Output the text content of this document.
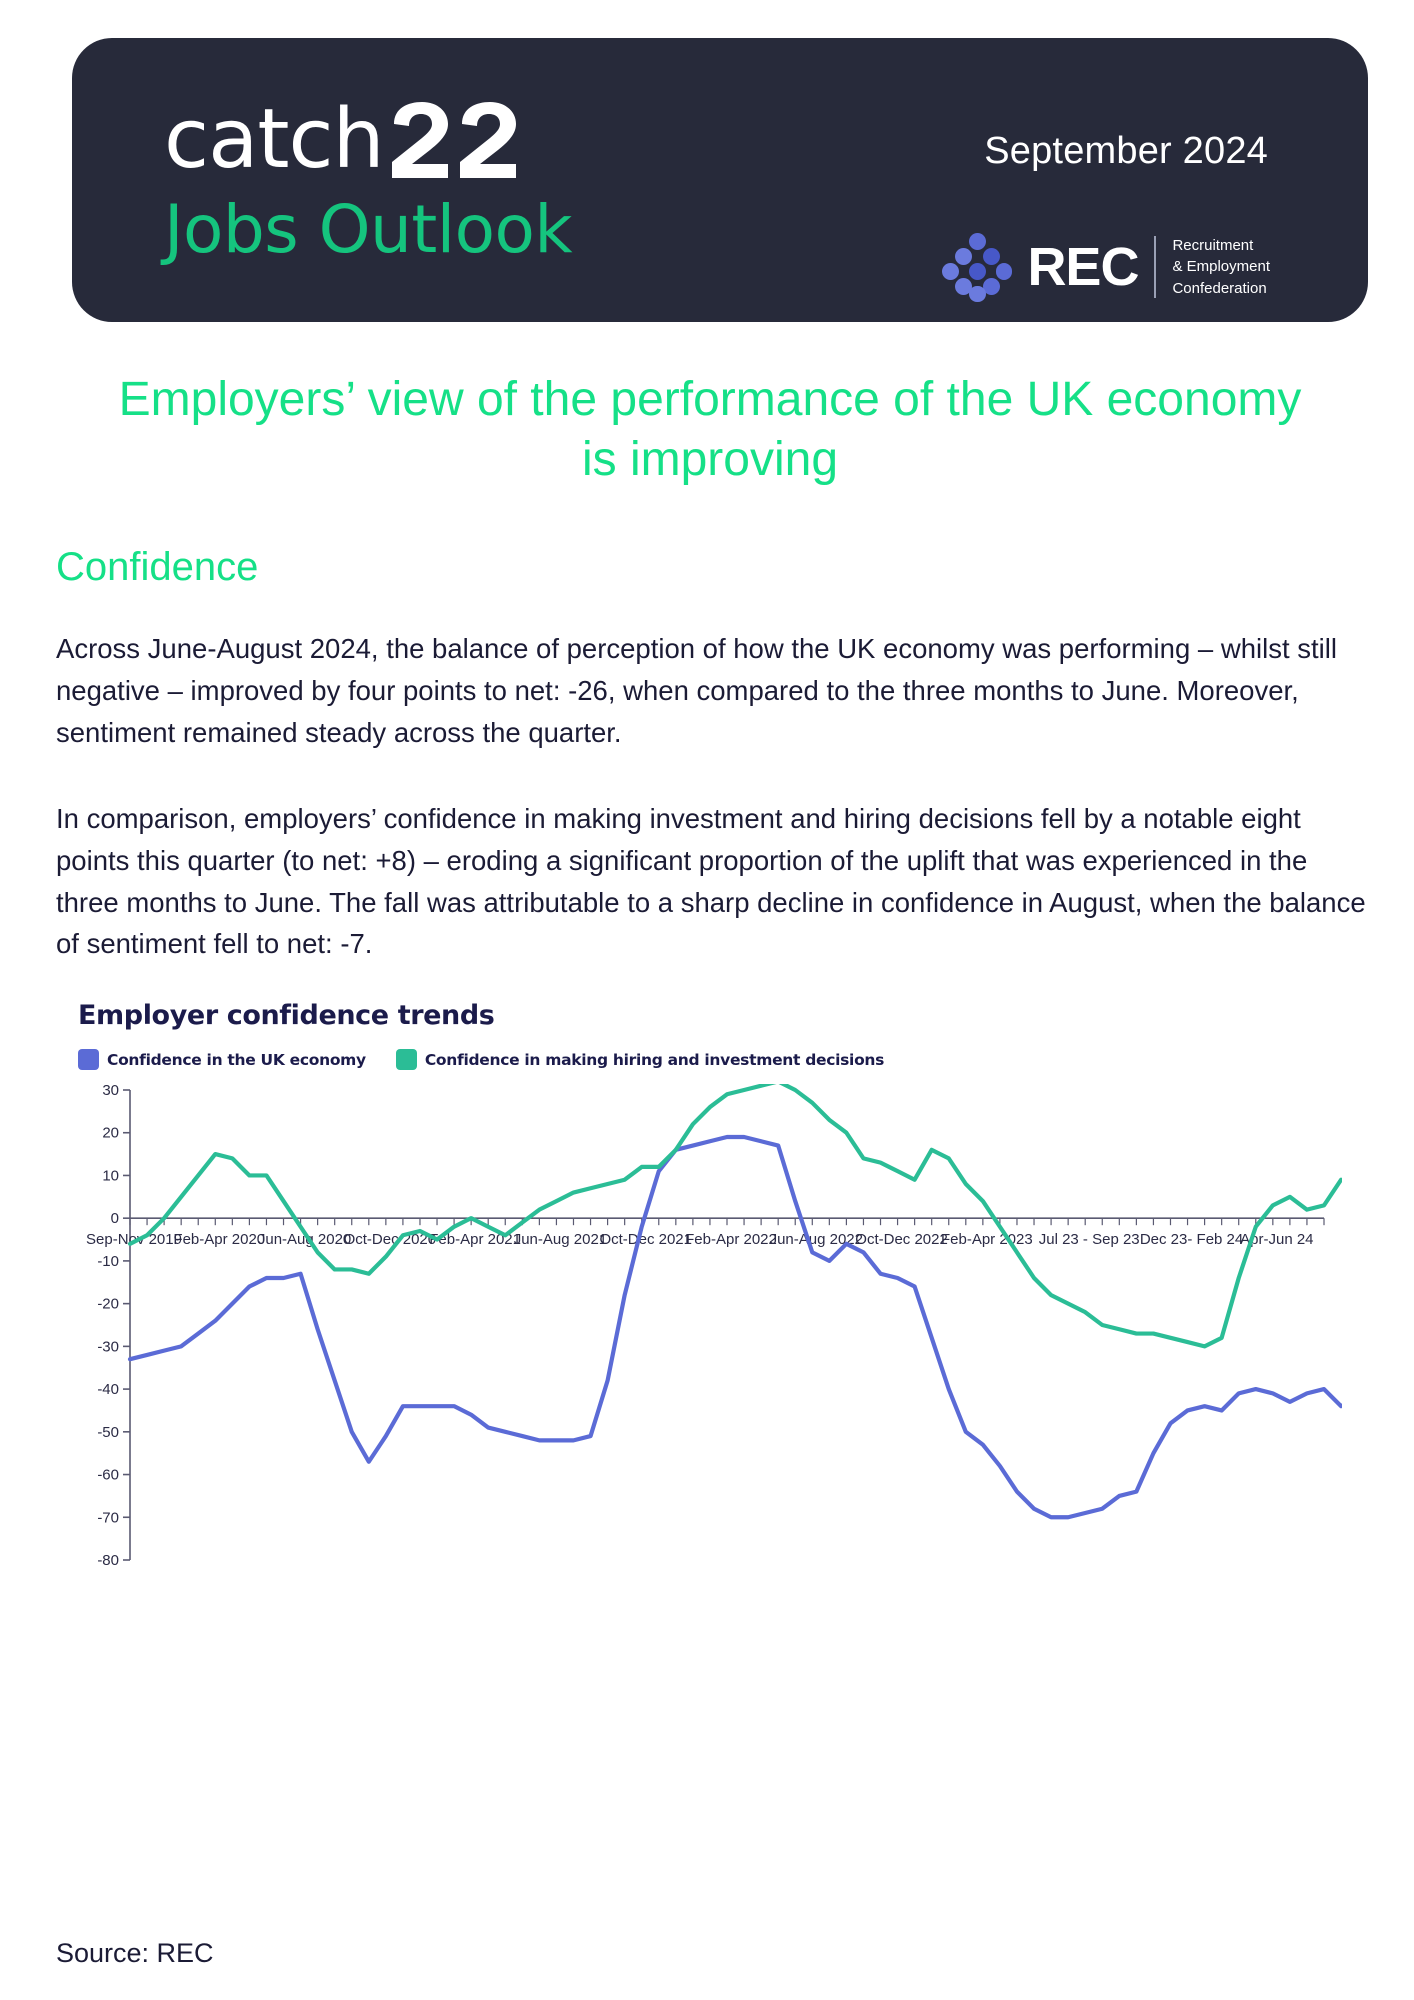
catch
Jobs Outlook
September 2024
REC Recruitment
& Employment
Confederation
Employers’ view of the performance of the UK economy is improving
Confidence

Across June-August 2024, the balance of perception of how the UK economy was performing – whilst still negative – improved by four points to net: -26, when compared to the three months to June. Moreover, sentiment remained steady across the quarter.

In comparison, employers’ confidence in making investment and hiring decisions fell by a notable eight points this quarter (to net: +8) – eroding a significant proportion of the uplift that was experienced in the three months to June. The fall was attributable to a sharp decline in confidence in August, when the balance of sentiment fell to net: -7.

Employer confidence trends
Confidence in the UK economy	Confidence in making hiring and investment decisions
30
20
10
0
-10
-20
-30
-40
-50
-60
-70
-80
Sep-Nov 2019
Feb-Apr 2020
Jun-Aug 2020
Oct-Dec 2020
Feb-Apr 2021
Jun-Aug 2021
Oct-Dec 2021
Feb-Apr 2022
Jun-Aug 2022
Oct-Dec 2022
Feb-Apr 2023 Jul 23 - Sep 23 Dec 23- Feb 24
Apr-Jun 24
Source: REC
